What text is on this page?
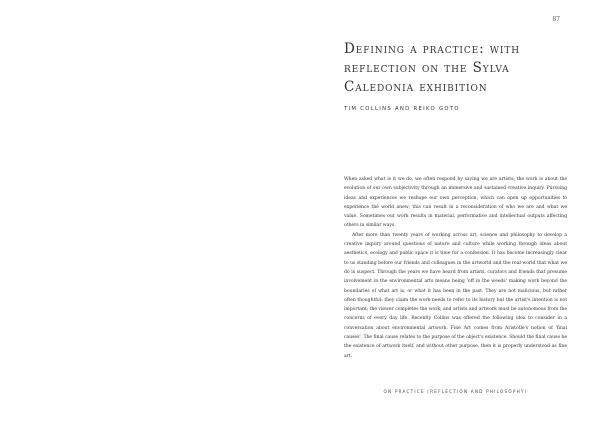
87
Defining a practice: with reflection on the Sylva Caledonia exhibition
TIM COLLINS AND REIKO GOTO

When asked what is it we do, we often respond by saying we are artists; the work is about the evolution of our own subjectivity through an immersive and sustained creative inquiry. Pursuing ideas and experiences we reshape our own perception, which can open up opportunities to experience the world anew; this can result in a reconsideration of who we are and what we value. Sometimes our work results in material, performative and intellectual outputs affecting others in similar ways.

After more than twenty years of working across art, science and philosophy to develop a creative inquiry around questions of nature and culture while working through ideas about aesthetics, ecology and public space it is time for a confession. It has become increasingly clear to us standing before our friends and colleagues in the artworld and the real-world that what we do is suspect. Through the years we have heard from artists, curators and friends that presume involvement in the environmental arts means being 'off in the weeds' making work beyond the boundaries of what art is, or what it has been in the past. They are not malicious, but rather often thoughtful: they claim the work needs to refer to its history but the artist's intention is not important; the viewer completes the work; and artists and artwork must be autonomous from the concerns of every day life. Recently Collins was offered the following idea to consider in a conversation about environmental artwork. Fine Art comes from Aristotle's notion of 'final causes'. The final cause relates to the purpose of the object's existence. Should the final cause be the existence of artwork itself, and without other purpose, then it is properly understood as fine art.

ON PRACTICE (REFLECTION AND PHILOSOPHY)
